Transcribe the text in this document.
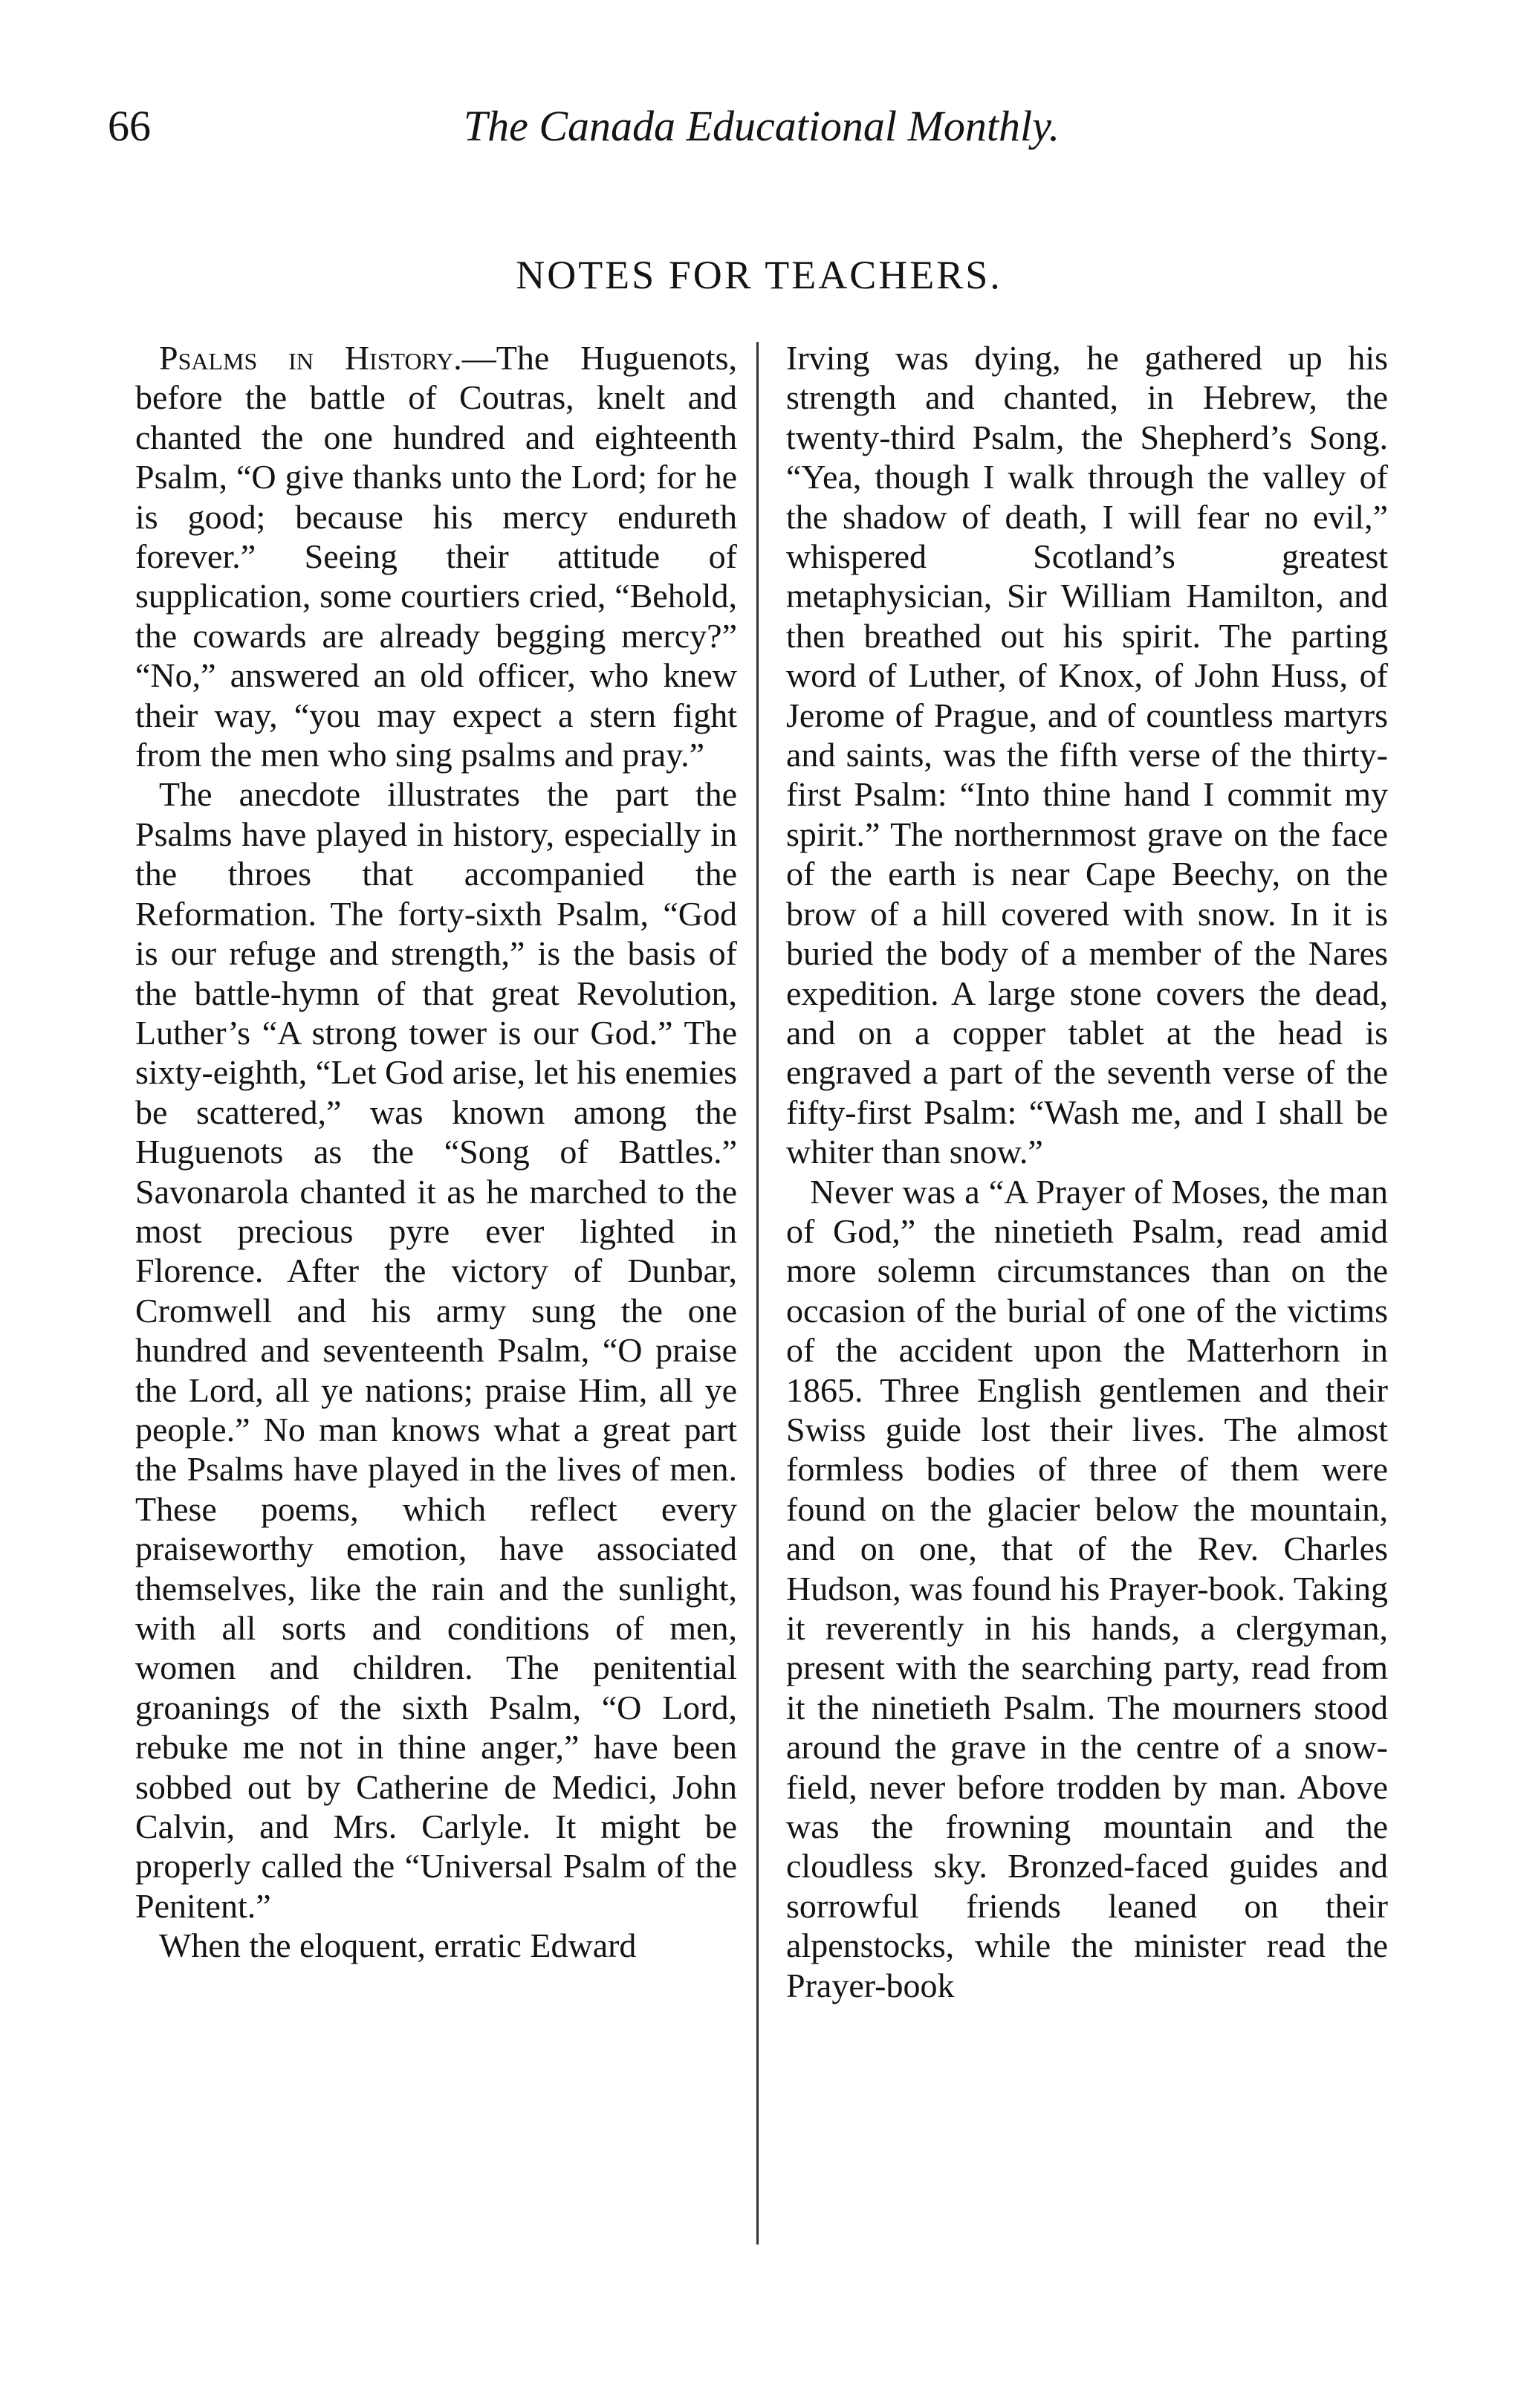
66	The Canada Educational Monthly.
NOTES FOR TEACHERS.

Psalms in History.—The Huguenots, before the battle of Coutras, knelt and chanted the one hundred and eighteenth Psalm, “O give thanks unto the Lord; for he is good; because his mercy endureth forever.” Seeing their attitude of supplication, some courtiers cried, “Behold, the cowards are already begging mercy?” “No,” answered an old officer, who knew their way, “you may expect a stern fight from the men who sing psalms and pray.”

The anecdote illustrates the part the Psalms have played in history, especially in the throes that accompanied the Reformation. The forty-sixth Psalm, “God is our refuge and strength,” is the basis of the battle-hymn of that great Revolution, Luther’s “A strong tower is our God.” The sixty-eighth, “Let God arise, let his enemies be scattered,” was known among the Huguenots as the “Song of Battles.” Savonarola chanted it as he marched to the most precious pyre ever lighted in Florence. After the victory of Dunbar, Cromwell and his army sung the one hundred and seventeenth Psalm, “O praise the Lord, all ye nations; praise Him, all ye people.” No man knows what a great part the Psalms have played in the lives of men. These poems, which reflect every praiseworthy emotion, have associated themselves, like the rain and the sunlight, with all sorts and conditions of men, women and children. The penitential groanings of the sixth Psalm, “O Lord, rebuke me not in thine anger,” have been sobbed out by Catherine de Medici, John Calvin, and Mrs. Carlyle. It might be properly called the “Universal Psalm of the Penitent.”

When the eloquent, erratic Edward

Irving was dying, he gathered up his strength and chanted, in Hebrew, the twenty-third Psalm, the Shepherd’s Song. “Yea, though I walk through the valley of the shadow of death, I will fear no evil,” whispered Scotland’s greatest metaphysician, Sir William Hamilton, and then breathed out his spirit. The parting word of Luther, of Knox, of John Huss, of Jerome of Prague, and of countless martyrs and saints, was the fifth verse of the thirty-first Psalm: “Into thine hand I commit my spirit.” The northernmost grave on the face of the earth is near Cape Beechy, on the brow of a hill covered with snow. In it is buried the body of a member of the Nares expedition. A large stone covers the dead, and on a copper tablet at the head is engraved a part of the seventh verse of the fifty-first Psalm: “Wash me, and I shall be whiter than snow.”

Never was a “A Prayer of Moses, the man of God,” the ninetieth Psalm, read amid more solemn circumstances than on the occasion of the burial of one of the victims of the accident upon the Matterhorn in 1865. Three English gentlemen and their Swiss guide lost their lives. The almost formless bodies of three of them were found on the glacier below the mountain, and on one, that of the Rev. Charles Hudson, was found his Prayer-book. Taking it reverently in his hands, a clergyman, present with the searching party, read from it the ninetieth Psalm. The mourners stood around the grave in the centre of a snow-field, never before trodden by man. Above was the frowning mountain and the cloudless sky. Bronzed-faced guides and sorrowful friends leaned on their alpenstocks, while the minister read the Prayer-book
